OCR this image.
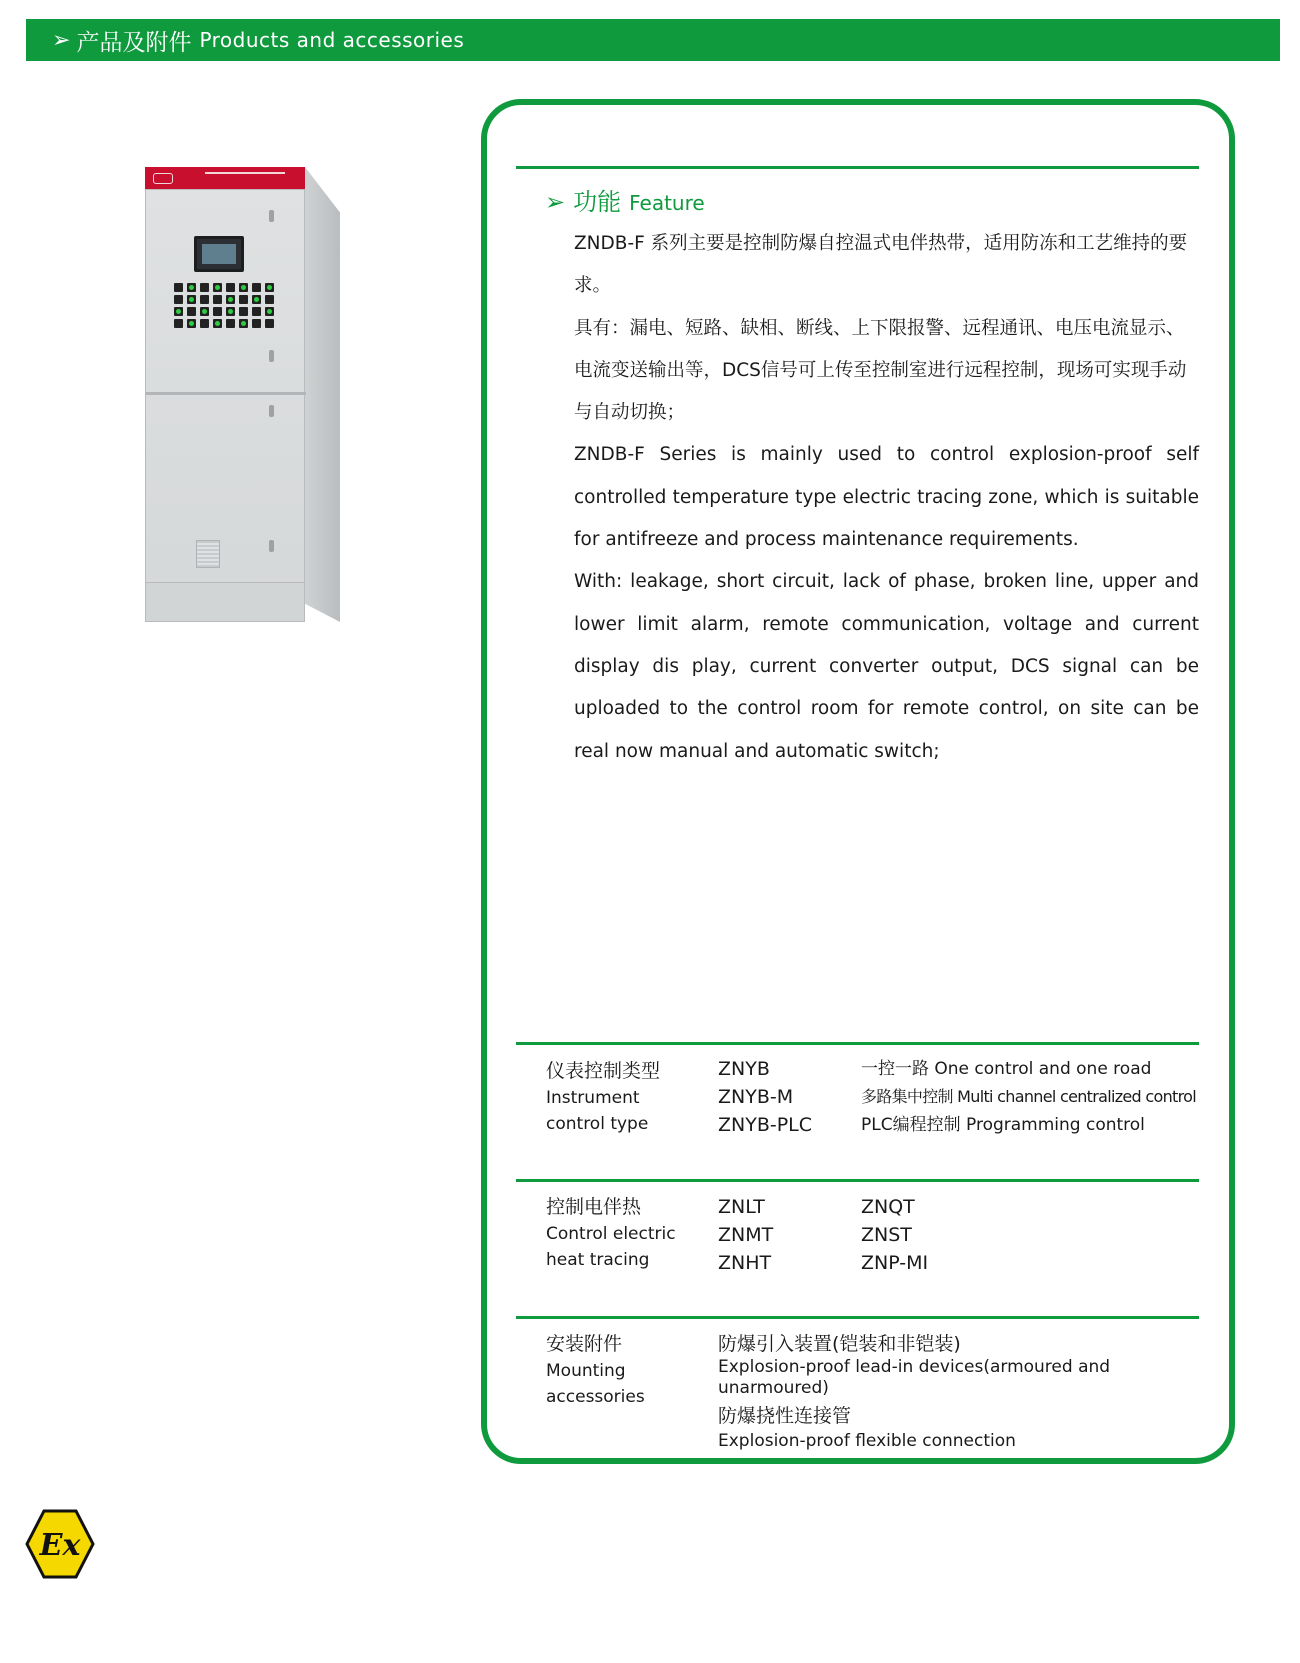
➢ 产品及附件 Products and accessories
➢ 功能 Feature

ZNDB-F 系列主要是控制防爆自控温式电伴热带，适用防冻和工艺维持的要求。

具有：漏电、短路、缺相、断线、上下限报警、远程通讯、电压电流显示、电流变送输出等，DCS信号可上传至控制室进行远程控制，现场可实现手动与自动切换；

ZNDB-F Series is mainly used to control explosion-proof self controlled temperature type electric tracing zone, which is suitable for antifreeze and process maintenance requirements.

With: leakage, short circuit, lack of phase, broken line, upper and lower limit alarm, remote communication, voltage and current display dis play, current converter output, DCS signal can be uploaded to the control room for remote control, on site can be real now manual and automatic switch;

仪表控制类型
Instrument
control type
ZNYB
ZNYB-M
ZNYB-PLC
一控一路 One control and one road
多路集中控制 Multi channel centralized control
PLC编程控制 Programming control
控制电伴热
Control electric
heat tracing
ZNLT
ZNMT
ZNHT
ZNQT
ZNST
ZNP-MI
安装附件
Mounting
accessories
防爆引入装置(铠装和非铠装)
Explosion-proof lead-in devices(armoured and
unarmoured)
防爆挠性连接管
Explosion-proof flexible connection
Ex
